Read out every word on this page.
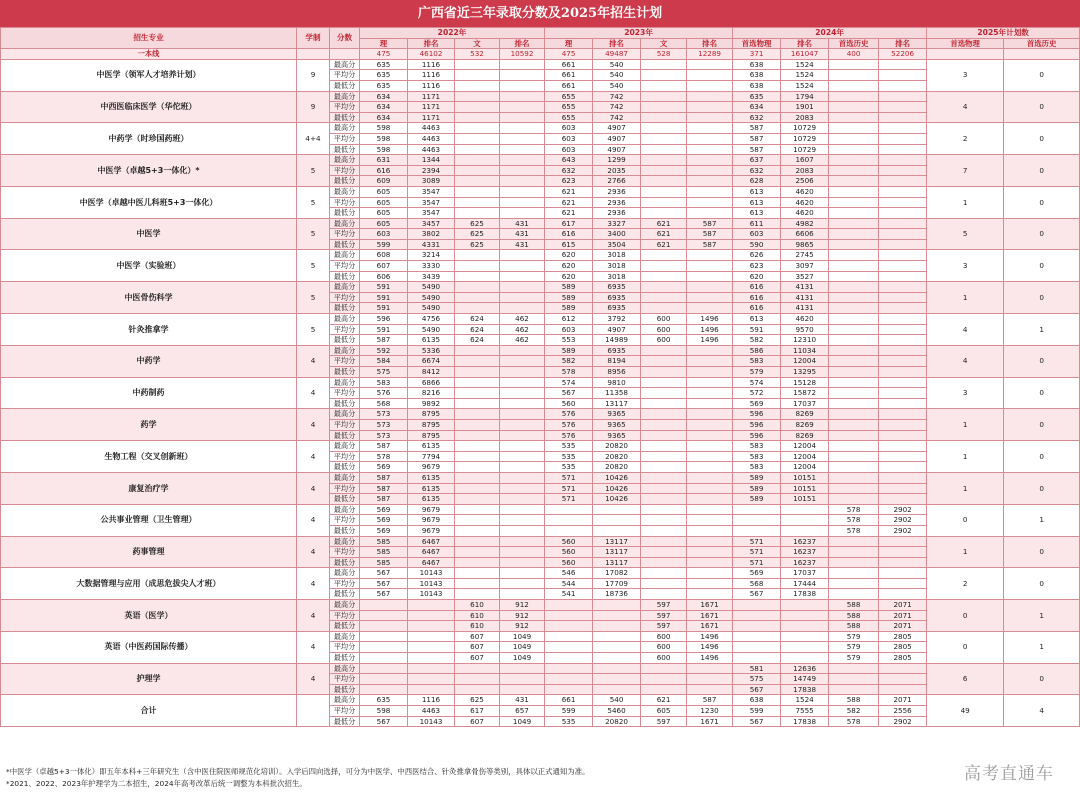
广西省近三年录取分数及2025年招生计划
招生专业	学制	分数	2022年				2023年				2024年				2025年计划数	
			理	排名	文	排名	理	排名	文	排名	首选物理	排名	首选历史	排名	首选物理	首选历史
一本线			475	46102	532	10592	475	49487	528	12289	371	161047	400	52206		
中医学（领军人才培养计划）	9	最高分	635	1116			661	540			638	1524			3	0
		平均分	635	1116			661	540			638	1524				
		最低分	635	1116			661	540			638	1524				
中西医临床医学（华佗班）	9	最高分	634	1171			655	742			635	1794			4	0
		平均分	634	1171			655	742			634	1901				
		最低分	634	1171			655	742			632	2083				
中药学（时珍国药班）	4+4	最高分	598	4463			603	4907			587	10729			2	0
		平均分	598	4463			603	4907			587	10729				
		最低分	598	4463			603	4907			587	10729				
中医学（卓越5+3一体化）*	5	最高分	631	1344			643	1299			637	1607			7	0
		平均分	616	2394			632	2035			632	2083				
		最低分	609	3089			623	2766			628	2506				
中医学（卓越中医儿科班5+3一体化）	5	最高分	605	3547			621	2936			613	4620			1	0
		平均分	605	3547			621	2936			613	4620				
		最低分	605	3547			621	2936			613	4620				
中医学	5	最高分	605	3457	625	431	617	3327	621	587	611	4982			5	0
		平均分	603	3802	625	431	616	3400	621	587	603	6606				
		最低分	599	4331	625	431	615	3504	621	587	590	9865				
中医学（实验班）	5	最高分	608	3214			620	3018			626	2745			3	0
		平均分	607	3330			620	3018			623	3097				
		最低分	606	3439			620	3018			620	3527				
中医骨伤科学	5	最高分	591	5490			589	6935			616	4131			1	0
		平均分	591	5490			589	6935			616	4131				
		最低分	591	5490			589	6935			616	4131				
针灸推拿学	5	最高分	596	4756	624	462	612	3792	600	1496	613	4620			4	1
		平均分	591	5490	624	462	603	4907	600	1496	591	9570				
		最低分	587	6135	624	462	553	14989	600	1496	582	12310				
中药学	4	最高分	592	5336			589	6935			586	11034			4	0
		平均分	584	6674			582	8194			583	12004				
		最低分	575	8412			578	8956			579	13295				
中药制药	4	最高分	583	6866			574	9810			574	15128			3	0
		平均分	576	8216			567	11358			572	15872				
		最低分	568	9892			560	13117			569	17037				
药学	4	最高分	573	8795			576	9365			596	8269			1	0
		平均分	573	8795			576	9365			596	8269				
		最低分	573	8795			576	9365			596	8269				
生物工程（交叉创新班）	4	最高分	587	6135			535	20820			583	12004			1	0
		平均分	578	7794			535	20820			583	12004				
		最低分	569	9679			535	20820			583	12004				
康复治疗学	4	最高分	587	6135			571	10426			589	10151			1	0
		平均分	587	6135			571	10426			589	10151				
		最低分	587	6135			571	10426			589	10151				
公共事业管理（卫生管理）	4	最高分	569	9679									578	2902	0	1
		平均分	569	9679									578	2902		
		最低分	569	9679									578	2902		
药事管理	4	最高分	585	6467			560	13117			571	16237			1	0
		平均分	585	6467			560	13117			571	16237				
		最低分	585	6467			560	13117			571	16237				
大数据管理与应用（成思危拔尖人才班）	4	最高分	567	10143			546	17082			569	17037			2	0
		平均分	567	10143			544	17709			568	17444				
		最低分	567	10143			541	18736			567	17838				
英语（医学）	4	最高分			610	912			597	1671			588	2071	0	1
		平均分			610	912			597	1671			588	2071		
		最低分			610	912			597	1671			588	2071		
英语（中医药国际传播）	4	最高分			607	1049			600	1496			579	2805	0	1
		平均分			607	1049			600	1496			579	2805		
		最低分			607	1049			600	1496			579	2805		
护理学	4	最高分									581	12636			6	0
		平均分									575	14749				
		最低分									567	17838				
合计		最高分	635	1116	625	431	661	540	621	587	638	1524	588	2071	49	4
		平均分	598	4463	617	657	599	5460	605	1230	599	7555	582	2556		
		最低分	567	10143	607	1049	535	20820	597	1671	567	17838	578	2902		
*中医学（卓越5+3一体化）即五年本科+三年研究生（含中医住院医师规范化培训）。入学后四向选择，可分为中医学、中西医结合、针灸推拿骨伤等类别，具体以正式通知为准。
*2021、2022、2023年护理学为二本招生，2024年高考改革后统一调整为本科批次招生。	高考直通车
